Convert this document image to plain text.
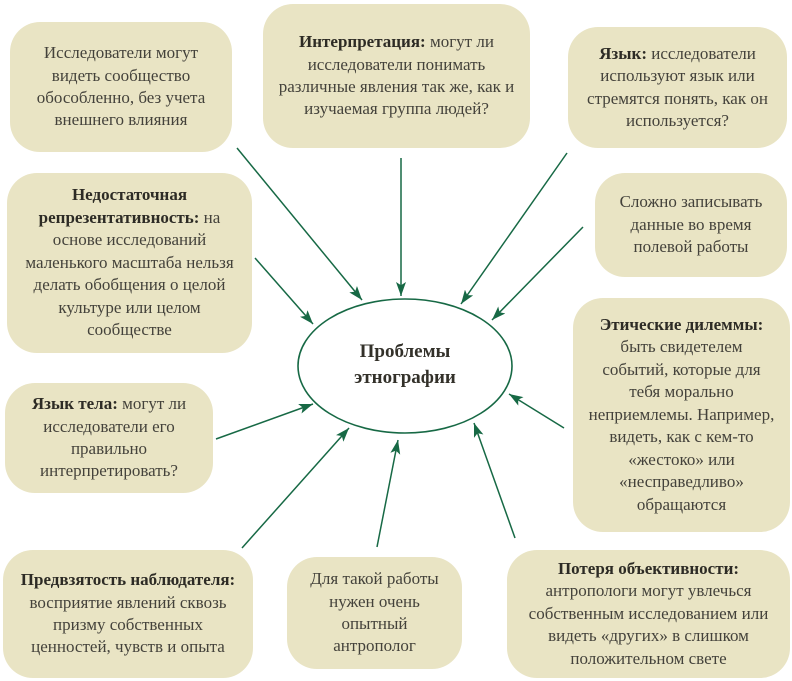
Исследователи могут видеть сообщество обособленно, без учета внешнего влияния
Интерпретация: могут ли исследователи понимать различные явления так же, как и изучаемая группа людей?
Язык: исследователи используют язык или стремятся понять, как он используется?
Недостаточная репрезентативность: на основе исследований маленького масштаба нельзя делать обобщения о целой культуре или целом сообществе
Сложно записывать данные во время полевой работы
Этические дилеммы: быть свидетелем событий, которые для тебя морально неприемлемы. Например, видеть, как с кем-то «жестоко» или «несправедливо» обращаются
Язык тела: могут ли исследователи его правильно интерпретировать?
Предвзятость наблюдателя: восприятие явлений сквозь призму собственных ценностей, чувств и опыта
Для такой работы нужен очень опытный антрополог
Потеря объективности: антропологи могут увлечься собственным исследованием или видеть «других» в слишком положительном свете
Проблемы этнографии
